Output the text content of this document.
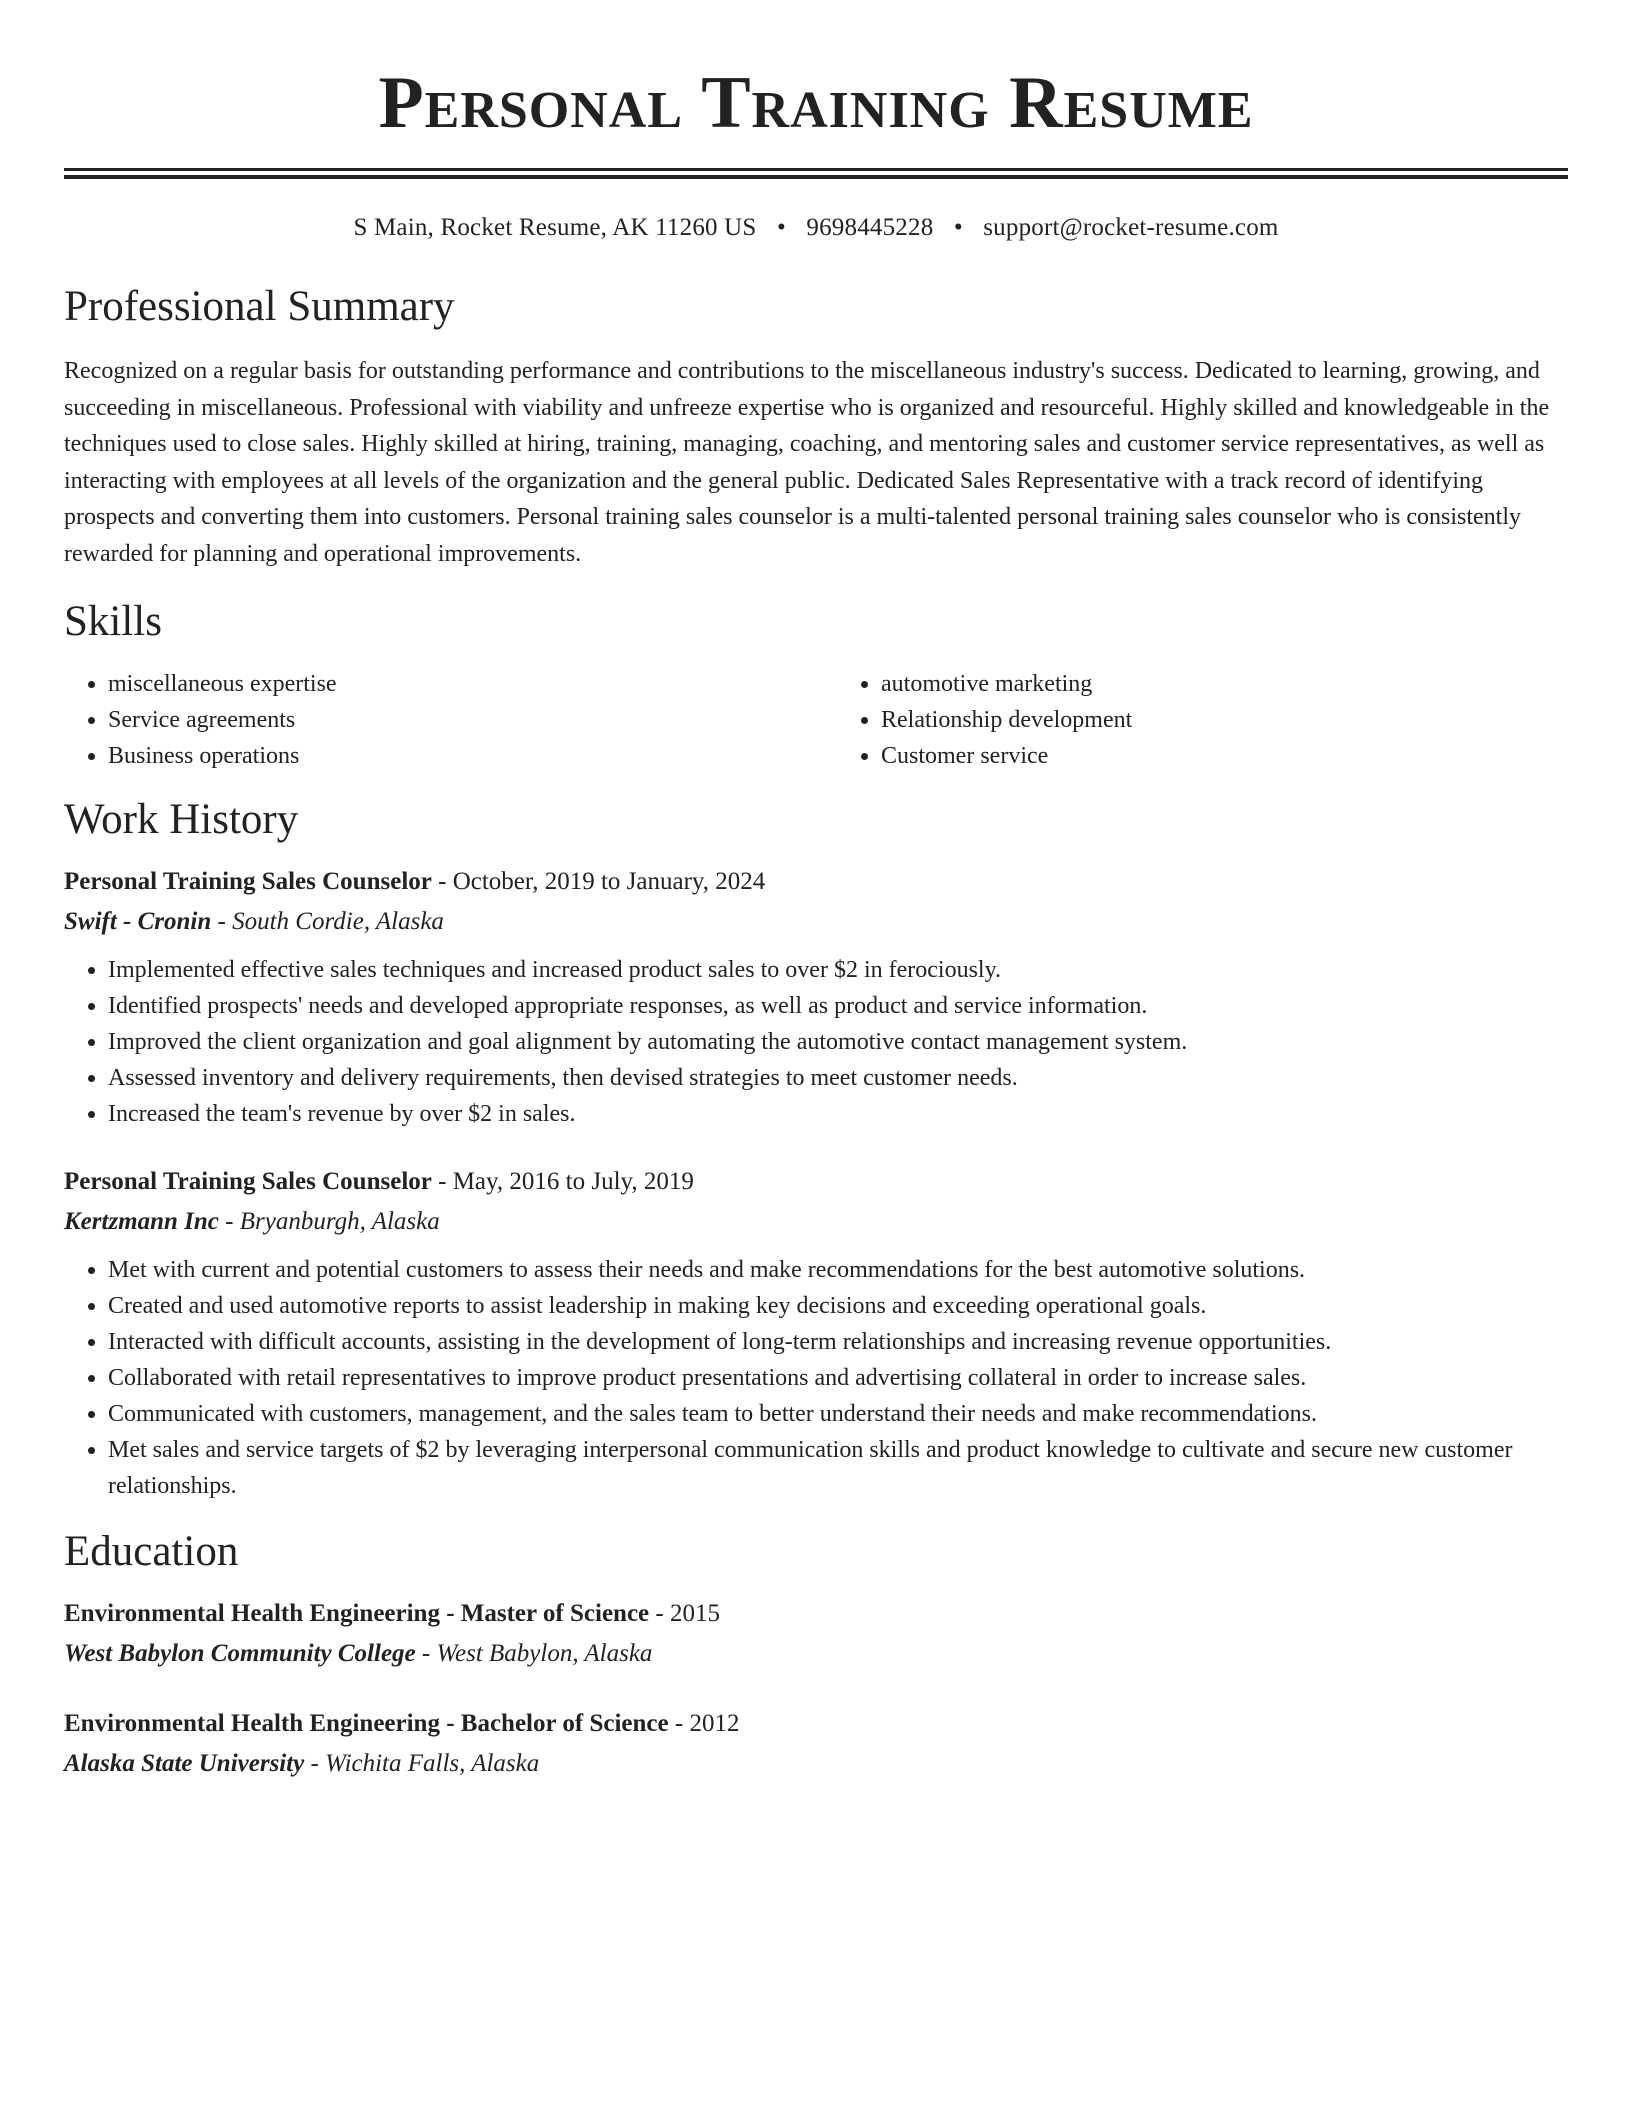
Personal Training Resume
S Main, Rocket Resume, AK 11260 US • 9698445228 • support@rocket-resume.com
Professional Summary

Recognized on a regular basis for outstanding performance and contributions to the miscellaneous industry's success. Dedicated to learning, growing, and succeeding in miscellaneous. Professional with viability and unfreeze expertise who is organized and resourceful. Highly skilled and knowledgeable in the techniques used to close sales. Highly skilled at hiring, training, managing, coaching, and mentoring sales and customer service representatives, as well as interacting with employees at all levels of the organization and the general public. Dedicated Sales Representative with a track record of identifying prospects and converting them into customers. Personal training sales counselor is a multi-talented personal training sales counselor who is consistently rewarded for planning and operational improvements.

Skills
• miscellaneous expertise
• Service agreements
• Business operations
• automotive marketing
• Relationship development
• Customer service
Work History

Personal Training Sales Counselor - October, 2019 to January, 2024

Swift - Cronin - South Cordie, Alaska

• Implemented effective sales techniques and increased product sales to over $2 in ferociously.
• Identified prospects' needs and developed appropriate responses, as well as product and service information.
• Improved the client organization and goal alignment by automating the automotive contact management system.
• Assessed inventory and delivery requirements, then devised strategies to meet customer needs.
• Increased the team's revenue by over $2 in sales.

Personal Training Sales Counselor - May, 2016 to July, 2019

Kertzmann Inc - Bryanburgh, Alaska

• Met with current and potential customers to assess their needs and make recommendations for the best automotive solutions.
• Created and used automotive reports to assist leadership in making key decisions and exceeding operational goals.
• Interacted with difficult accounts, assisting in the development of long-term relationships and increasing revenue opportunities.
• Collaborated with retail representatives to improve product presentations and advertising collateral in order to increase sales.
• Communicated with customers, management, and the sales team to better understand their needs and make recommendations.
• Met sales and service targets of $2 by leveraging interpersonal communication skills and product knowledge to cultivate and secure new customer relationships.
Education

Environmental Health Engineering - Master of Science - 2015

West Babylon Community College - West Babylon, Alaska

Environmental Health Engineering - Bachelor of Science - 2012

Alaska State University - Wichita Falls, Alaska
